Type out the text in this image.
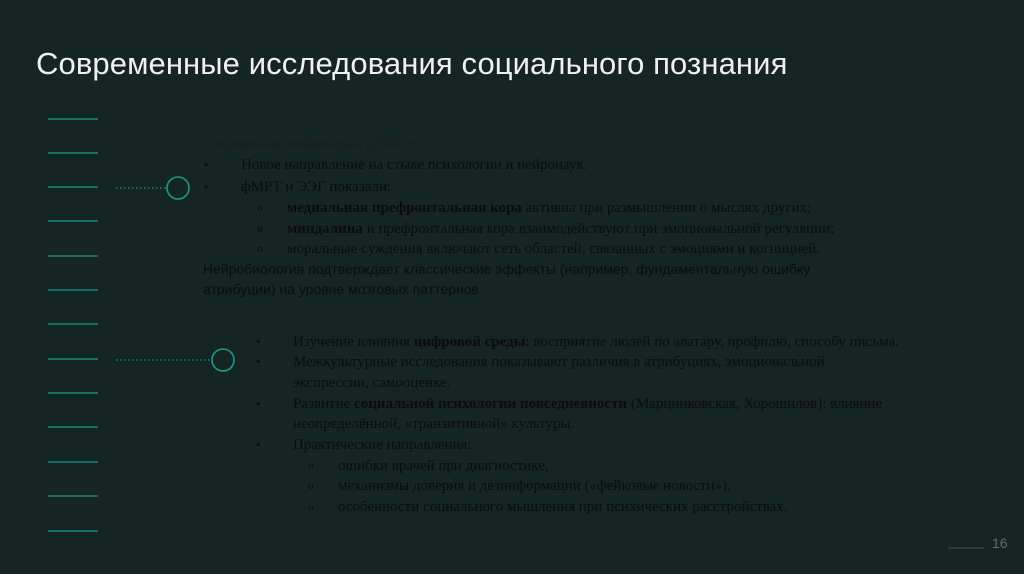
Современные исследования социального познания
Социальная нейронаука (2000-е)
• Новое направление на стыке психологии и нейронаук.
• фМРТ и ЭЭГ показали:
o медиальная префронтальная кора активна при размышлении о мыслях других;
o миндалина и префронтальная кора взаимодействуют при эмоциональной регуляции;
o моральные суждения включают сеть областей, связанных с эмоциями и когницией.
Нейробиология подтверждает классические эффекты (например, фундаментальную ошибку
атрибуции) на уровне мозговых паттернов
• Изучение влияния цифровой среды: восприятие людей по аватару, профилю, способу письма.
• Межкультурные исследования показывают различия в атрибуциях, эмоциональной
экспрессии, самооценке.
• Развитие социальной психологии повседневности (Марцинковская, Хорошилов): влияние
неопределённой, «транзитивной» культуры.
• Практические направления:
o ошибки врачей при диагностике,
o механизмы доверия и дезинформации («фейковые новости»),
o особенности социального мышления при психических расстройствах.
16
